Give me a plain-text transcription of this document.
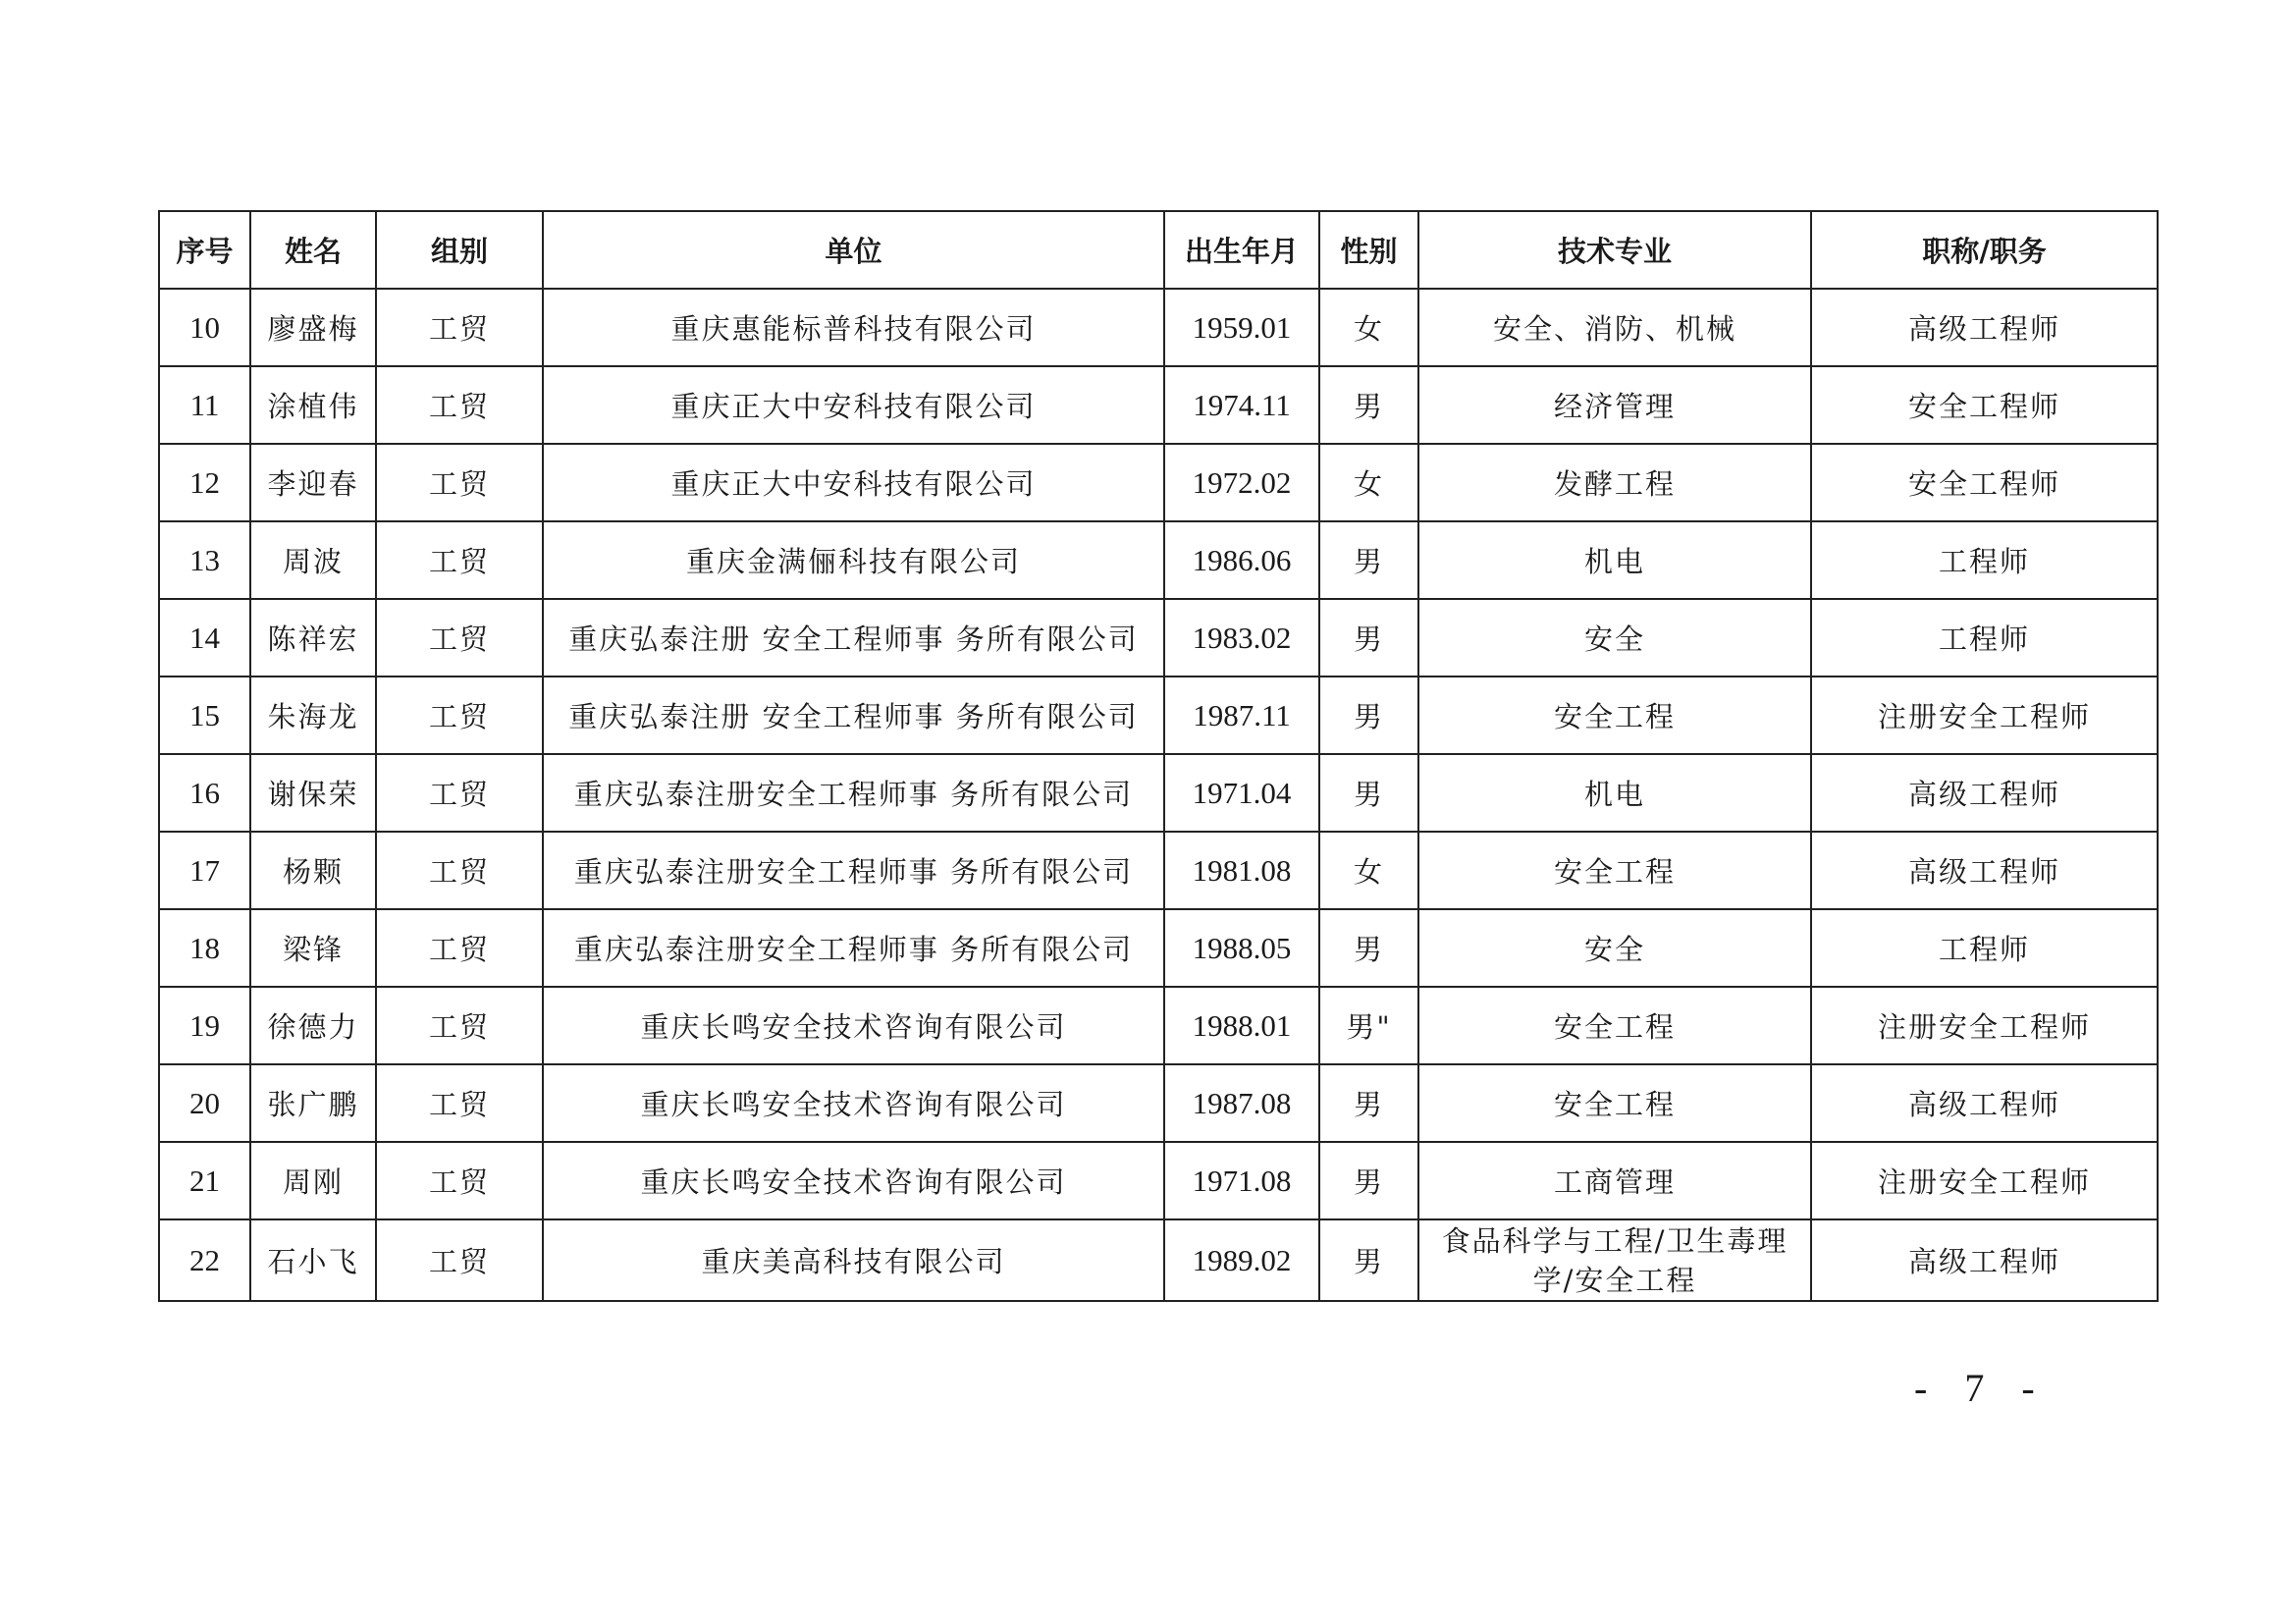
序号	姓名	组别	单位	出生年月	性别	技术专业	职称/职务
10	廖盛梅	工贸	重庆惠能标普科技有限公司	1959.01	女	安全、消防、机械	高级工程师
11	涂植伟	工贸	重庆正大中安科技有限公司	1974.11	男	经济管理	安全工程师
12	李迎春	工贸	重庆正大中安科技有限公司	1972.02	女	发酵工程	安全工程师
13	周波	工贸	重庆金满俪科技有限公司	1986.06	男	机电	工程师
14	陈祥宏	工贸	重庆弘泰注册 安全工程师事 务所有限公司	1983.02	男	安全	工程师
15	朱海龙	工贸	重庆弘泰注册 安全工程师事 务所有限公司	1987.11	男	安全工程	注册安全工程师
16	谢保荣	工贸	重庆弘泰注册安全工程师事 务所有限公司	1971.04	男	机电	高级工程师
17	杨颗	工贸	重庆弘泰注册安全工程师事 务所有限公司	1981.08	女	安全工程	高级工程师
18	梁锋	工贸	重庆弘泰注册安全工程师事 务所有限公司	1988.05	男	安全	工程师
19	徐德力	工贸	重庆长鸣安全技术咨询有限公司	1988.01	男"	安全工程	注册安全工程师
20	张广鹏	工贸	重庆长鸣安全技术咨询有限公司	1987.08	男	安全工程	高级工程师
21	周刚	工贸	重庆长鸣安全技术咨询有限公司	1971.08	男	工商管理	注册安全工程师
22	石小飞	工贸	重庆美高科技有限公司	1989.02	男	食品科学与工程/卫生毒理学/安全工程	高级工程师
- 7 -
